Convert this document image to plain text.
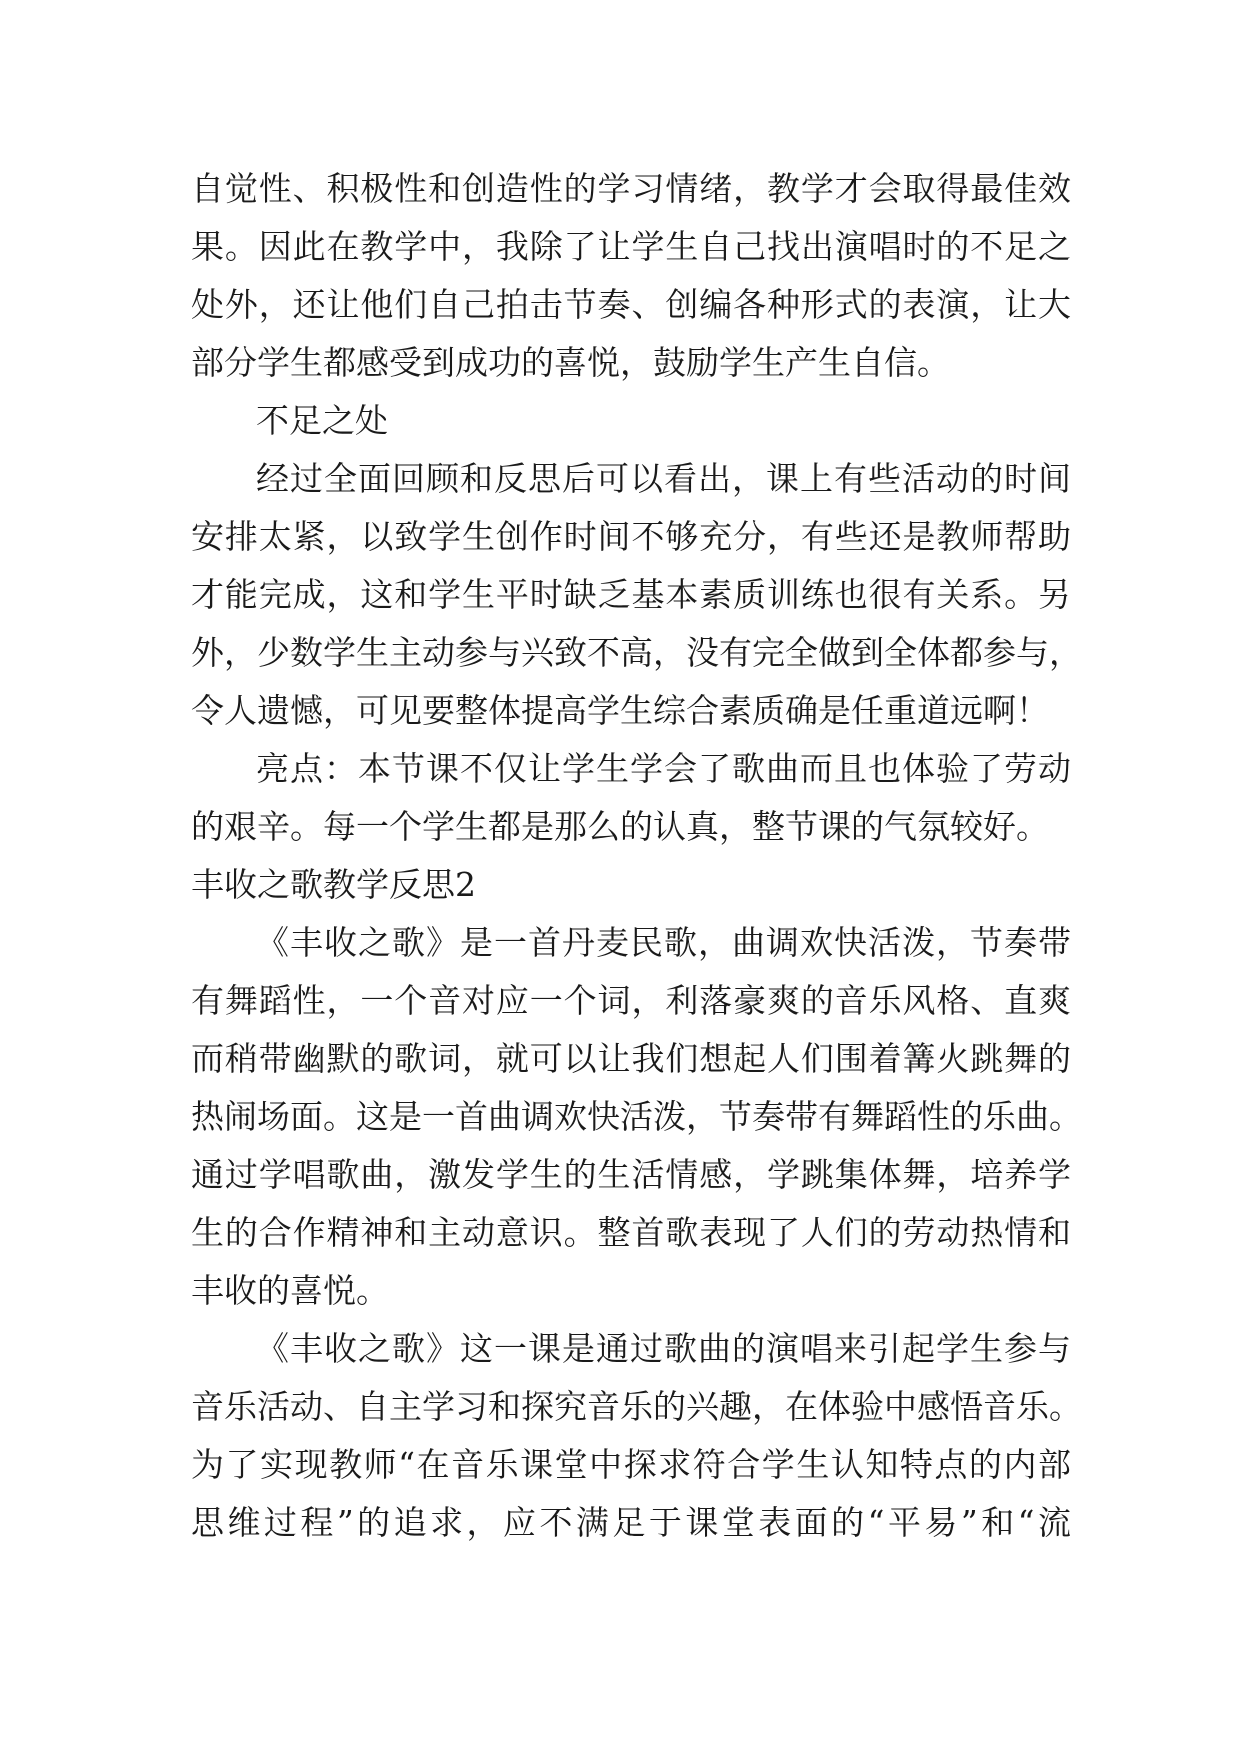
自觉性、积极性和创造性的学习情绪，教学才会取得最佳效
果。因此在教学中，我除了让学生自己找出演唱时的不足之
处外，还让他们自己拍击节奏、创编各种形式的表演，让大
部分学生都感受到成功的喜悦，鼓励学生产生自信。
不足之处
经过全面回顾和反思后可以看出，课上有些活动的时间
安排太紧，以致学生创作时间不够充分，有些还是教师帮助
才能完成，这和学生平时缺乏基本素质训练也很有关系。另
外，少数学生主动参与兴致不高，没有完全做到全体都参与，
令人遗憾，可见要整体提高学生综合素质确是任重道远啊！
亮点：本节课不仅让学生学会了歌曲而且也体验了劳动
的艰辛。每一个学生都是那么的认真，整节课的气氛较好。
丰收之歌教学反思2
《丰收之歌》是一首丹麦民歌，曲调欢快活泼，节奏带
有舞蹈性，一个音对应一个词，利落豪爽的音乐风格、直爽
而稍带幽默的歌词，就可以让我们想起人们围着篝火跳舞的
热闹场面。这是一首曲调欢快活泼，节奏带有舞蹈性的乐曲。
通过学唱歌曲，激发学生的生活情感，学跳集体舞，培养学
生的合作精神和主动意识。整首歌表现了人们的劳动热情和
丰收的喜悦。
《丰收之歌》这一课是通过歌曲的演唱来引起学生参与
音乐活动、自主学习和探究音乐的兴趣，在体验中感悟音乐。
为了实现教师“在音乐课堂中探求符合学生认知特点的内部
思维过程”的追求，应不满足于课堂表面的“平易”和“流
